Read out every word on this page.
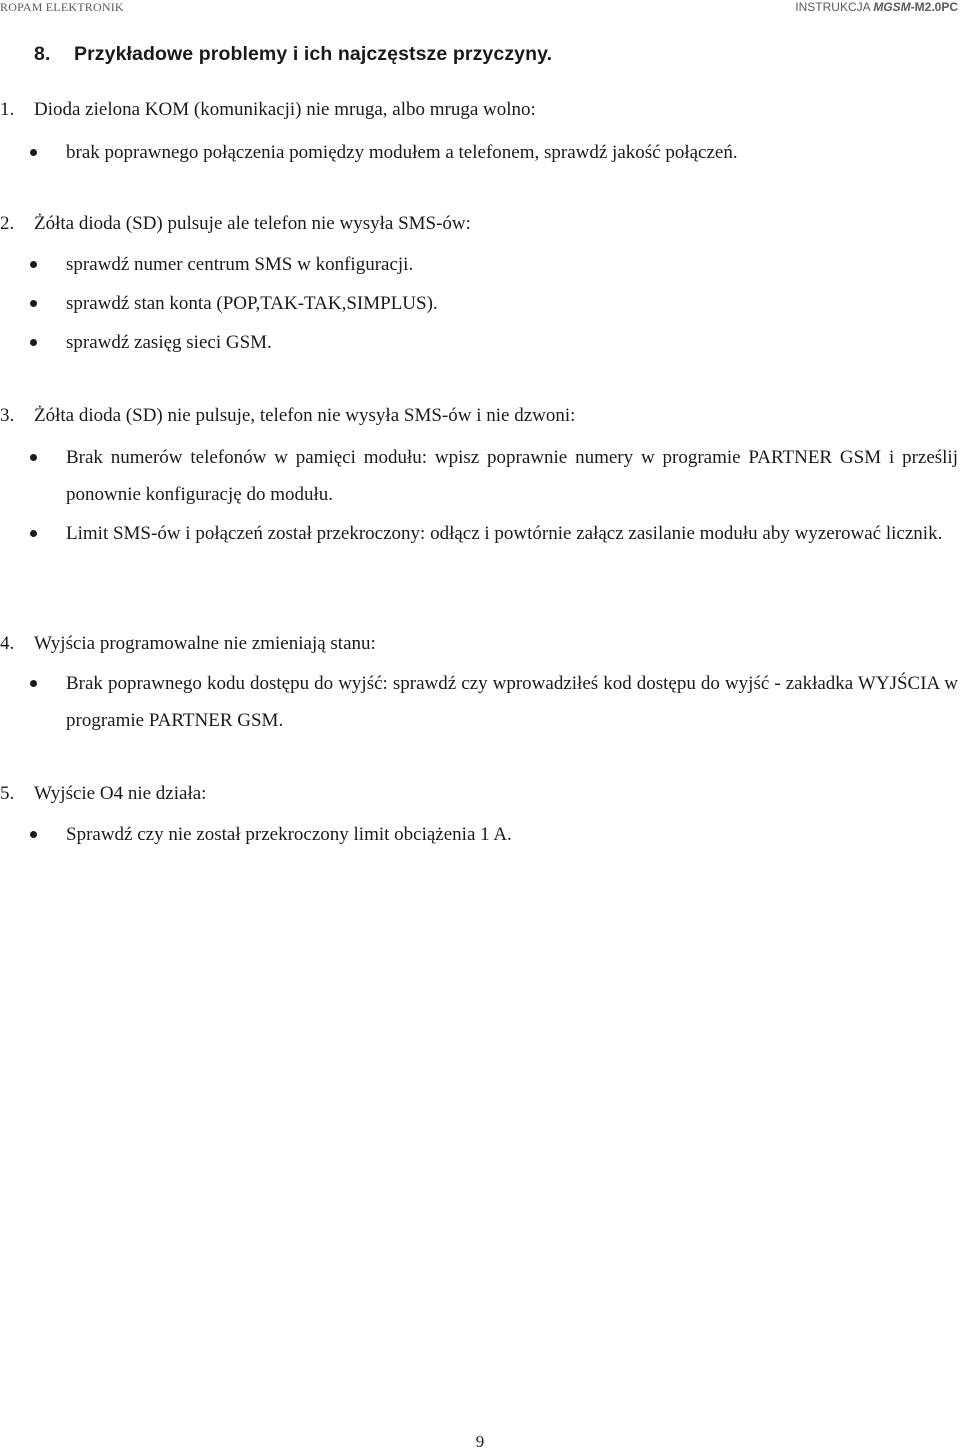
ROPAM ELEKTRONIK	INSTRUKCJA MGSM-M2.0PC
8. Przykładowe problemy i ich najczęstsze przyczyny.
1. Dioda zielona KOM (komunikacji) nie mruga, albo mruga wolno:
brak poprawnego połączenia pomiędzy modułem a telefonem, sprawdź jakość połączeń.
2. Żółta dioda (SD) pulsuje ale telefon nie wysyła SMS-ów:
sprawdź numer centrum SMS w konfiguracji.
sprawdź stan konta (POP,TAK-TAK,SIMPLUS).
sprawdź zasięg sieci GSM.
3. Żółta dioda (SD) nie pulsuje, telefon nie wysyła SMS-ów i nie dzwoni:
Brak numerów telefonów w pamięci modułu: wpisz poprawnie numery w programie PARTNER GSM i prześlij ponownie konfigurację do modułu.
Limit SMS-ów i połączeń został przekroczony: odłącz i powtórnie załącz zasilanie modułu aby wyzerować licznik.
4. Wyjścia programowalne nie zmieniają stanu:
Brak poprawnego kodu dostępu do wyjść: sprawdź czy wprowadziłeś kod dostępu do wyjść - zakładka WYJŚCIA w programie PARTNER GSM.
5. Wyjście O4 nie działa:
Sprawdź czy nie został przekroczony limit obciążenia 1 A.
9
